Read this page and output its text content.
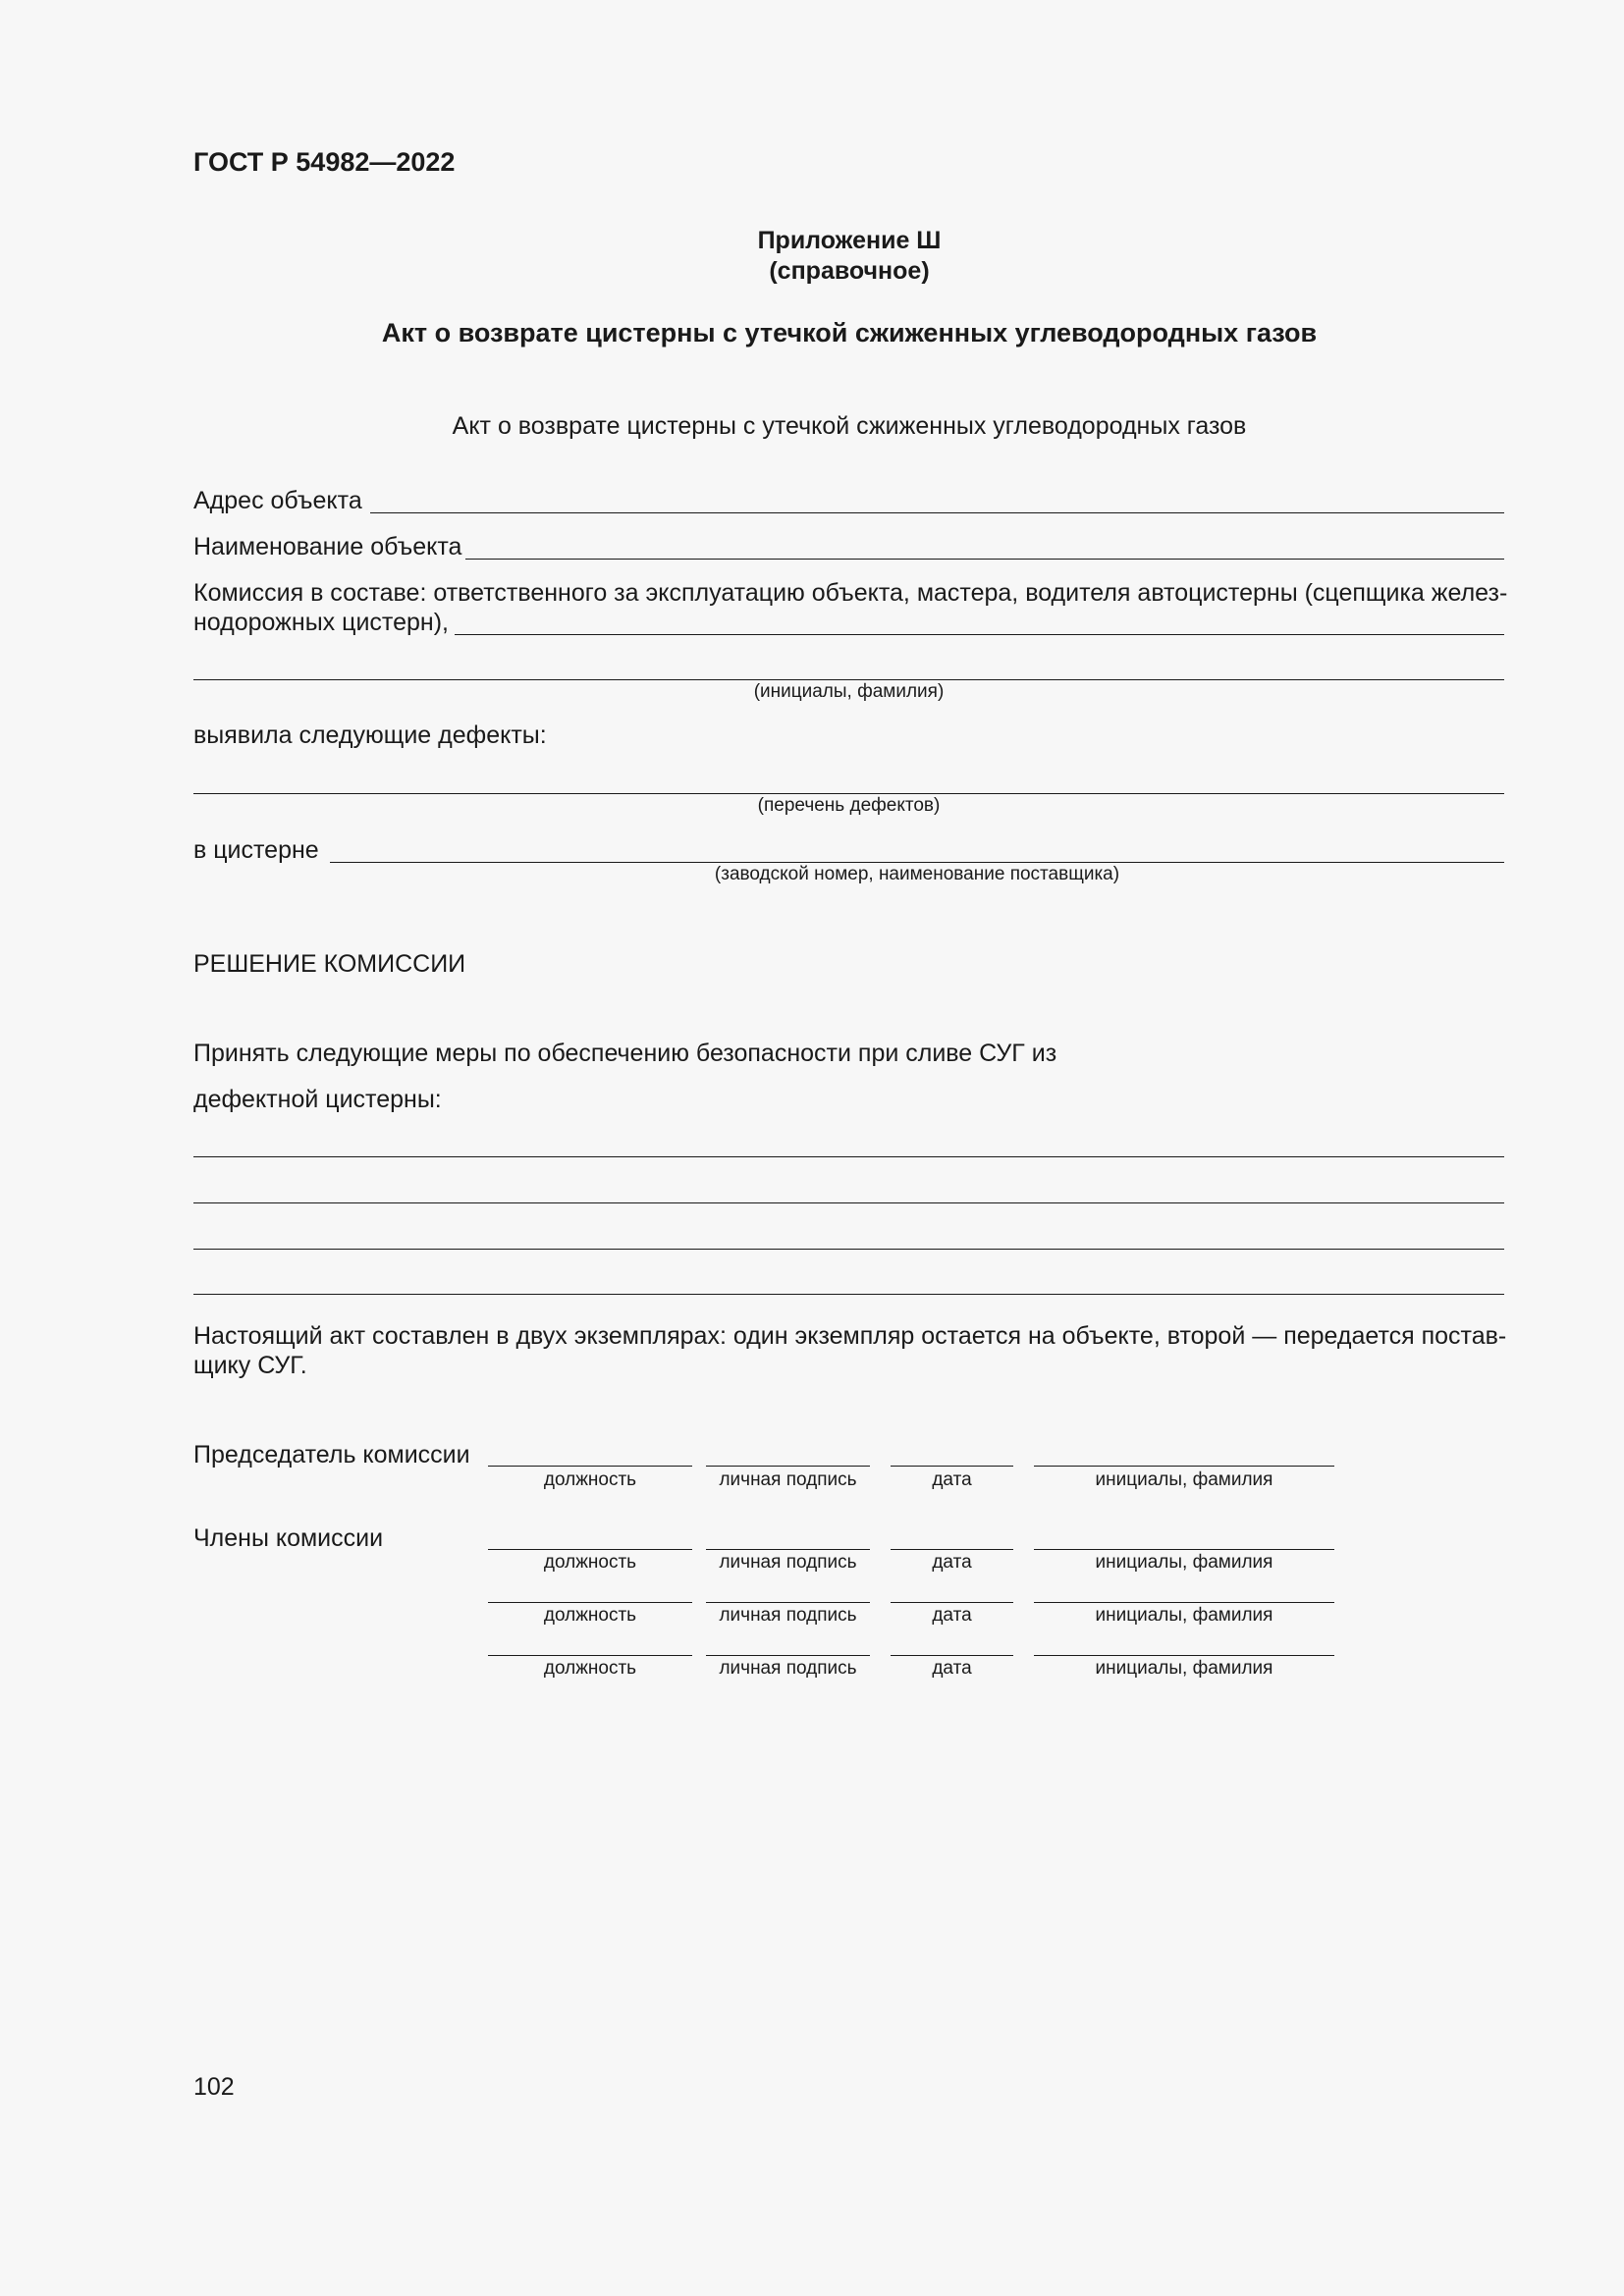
ГОСТ Р 54982—2022
Приложение Ш
(справочное)
Акт о возврате цистерны с утечкой сжиженных углеводородных газов
Акт о возврате цистерны с утечкой сжиженных углеводородных газов
Адрес объекта
Наименование объекта
Комиссия в составе: ответственного за эксплуатацию объекта, мастера, водителя автоцистерны (сцепщика желез-
нодорожных цистерн),
(инициалы, фамилия)
выявила следующие дефекты:
(перечень дефектов)
в цистерне
(заводской номер, наименование поставщика)
РЕШЕНИЕ КОМИССИИ
Принять следующие меры по обеспечению безопасности при сливе СУГ из
дефектной цистерны:
Настоящий акт составлен в двух экземплярах: один экземпляр остается на объекте, второй — передается постав-
щику СУГ.
Председатель комиссии
должность	личная подпись	дата	инициалы, фамилия
Члены комиссии
должность	личная подпись	дата	инициалы, фамилия
должность	личная подпись	дата	инициалы, фамилия
должность	личная подпись	дата	инициалы, фамилия
102
